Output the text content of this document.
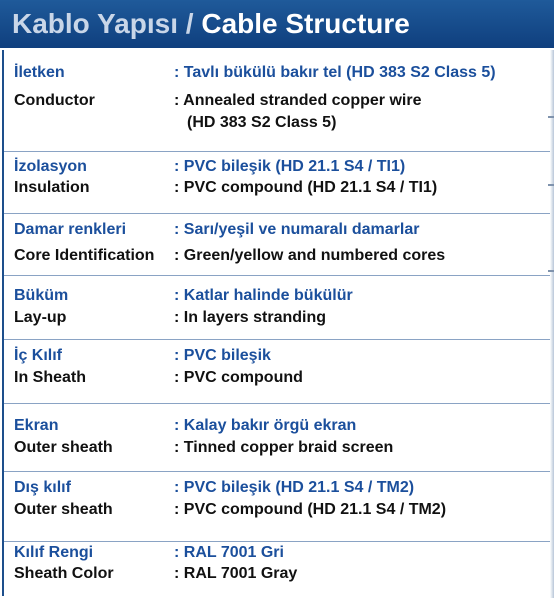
Kablo Yapısı / Cable Structure
İletken	: Tavlı bükülü bakır tel (HD 383 S2 Class 5)
Conductor	: Annealed stranded copper wire
(HD 383 S2 Class 5)
İzolasyon	: PVC bileşik (HD 21.1 S4 / TI1)
Insulation	: PVC compound (HD 21.1 S4 / TI1)
Damar renkleri	: Sarı/yeşil ve numaralı damarlar
Core Identification : Green/yellow and numbered cores
Büküm	: Katlar halinde bükülür
Lay-up	: In layers stranding
İç Kılıf	: PVC bileşik
In Sheath	: PVC compound
Ekran	: Kalay bakır örgü ekran
Outer sheath	: Tinned copper braid screen
Dış kılıf	: PVC bileşik (HD 21.1 S4 / TM2)
Outer sheath	: PVC compound (HD 21.1 S4 / TM2)
Kılıf Rengi	: RAL 7001 Gri
Sheath Color	: RAL 7001 Gray
